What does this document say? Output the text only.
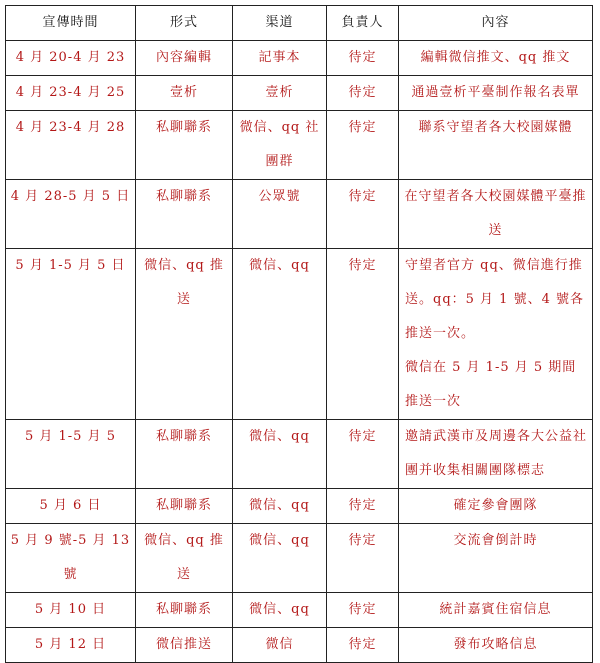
宣傳時間	形式	渠道	負責人	內容
4 月 20-4 月 23	內容編輯	記事本	待定	編輯微信推文、qq 推文
4 月 23-4 月 25	壹析	壹析	待定	通過壹析平臺制作報名表單
4 月 23-4 月 28	私聊聯系	微信、qq 社團群	待定	聯系守望者各大校園媒體
4 月 28-5 月 5 日	私聊聯系	公眾號	待定	在守望者各大校園媒體平臺推送
5 月 1-5 月 5 日	微信、qq 推送	微信、qq	待定	守望者官方 qq、微信進行推送。qq：5 月 1 號、4 號各推送一次。
微信在 5 月 1-5 月 5 期間推送一次

5 月 1-5 月 5	私聊聯系	微信、qq	待定	邀請武漢市及周邊各大公益社團并收集相關團隊標志
5 月 6 日	私聊聯系	微信、qq	待定	確定參會團隊
5 月 9 號-5 月 13 號	微信、qq 推送	微信、qq	待定	交流會倒計時
5 月 10 日	私聊聯系	微信、qq	待定	統計嘉賓住宿信息
5 月 12 日	微信推送	微信	待定	發布攻略信息
